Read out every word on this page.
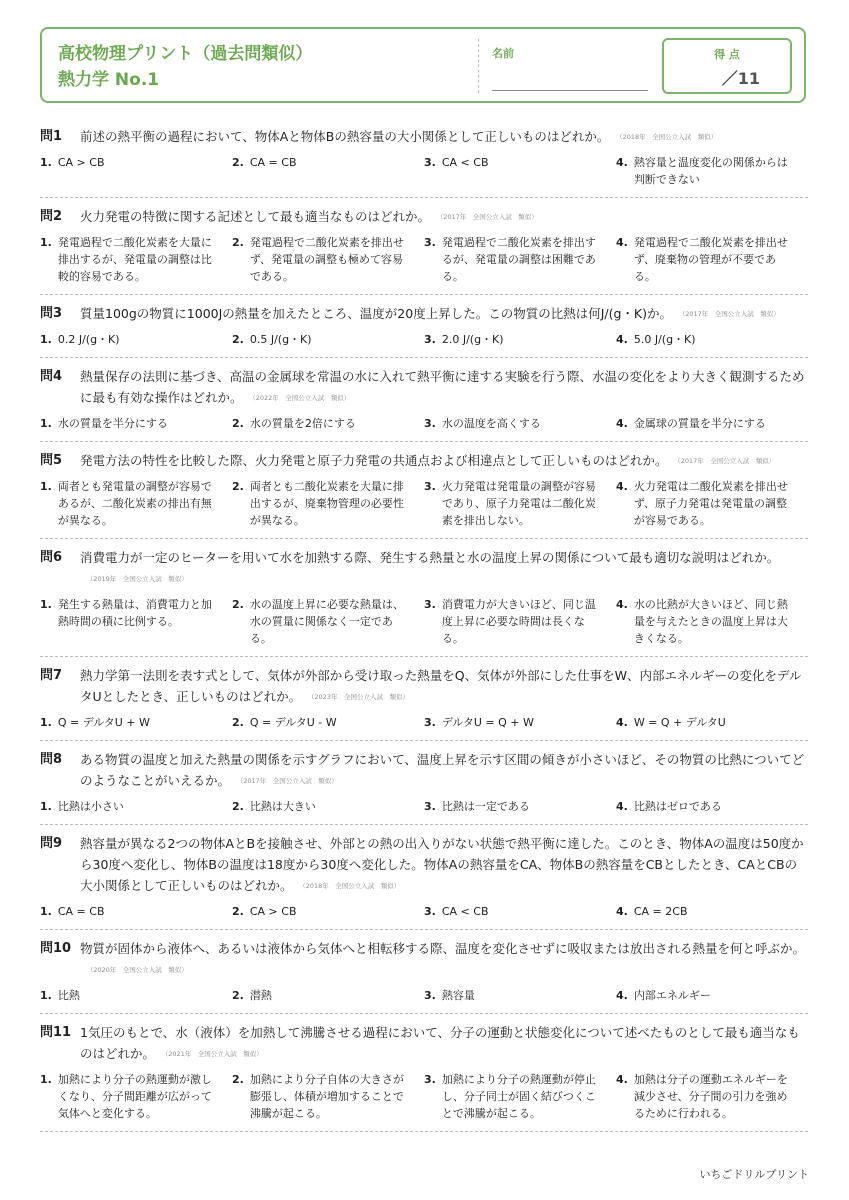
高校物理プリント（過去問類似）
熱力学 No.1
名前	得 点
／11
問1	前述の熱平衡の過程において、物体Aと物体Bの熱容量の大小関係として正しいものはどれか。 （2018年　全国公立入試　類似）
1. CA > CB	2. CA = CB	3. CA < CB	4. 熱容量と温度変化の関係からは判断できない
問2	火力発電の特徴に関する記述として最も適当なものはどれか。 （2017年　全国公立入試　類似）
1. 発電過程で二酸化炭素を大量に排出するが、発電量の調整は比較的容易である。
2. 発電過程で二酸化炭素を排出せず、発電量の調整も極めて容易である。
3. 発電過程で二酸化炭素を排出するが、発電量の調整は困難である。
4. 発電過程で二酸化炭素を排出せず、廃棄物の管理が不要である。
問3	質量100gの物質に1000Jの熱量を加えたところ、温度が20度上昇した。この物質の比熱は何J/(g・K)か。 （2017年　全国公立入試　類似）
1. 0.2 J/(g・K)	2. 0.5 J/(g・K)	3. 2.0 J/(g・K)	4. 5.0 J/(g・K)
問4	熱量保存の法則に基づき、高温の金属球を常温の水に入れて熱平衡に達する実験を行う際、水温の変化をより大きく観測するために最も有効な操作はどれか。 （2022年　全国公立入試　類似）
1. 水の質量を半分にする	2. 水の質量を2倍にする	3. 水の温度を高くする	4. 金属球の質量を半分にする
問5	発電方法の特性を比較した際、火力発電と原子力発電の共通点および相違点として正しいものはどれか。 （2017年　全国公立入試　類似）
1. 両者とも発電量の調整が容易であるが、二酸化炭素の排出有無が異なる。
2. 両者とも二酸化炭素を大量に排出するが、廃棄物管理の必要性が異なる。
3. 火力発電は発電量の調整が容易であり、原子力発電は二酸化炭素を排出しない。
4. 火力発電は二酸化炭素を排出せず、原子力発電は発電量の調整が容易である。
問6	消費電力が一定のヒーターを用いて水を加熱する際、発生する熱量と水の温度上昇の関係について最も適切な説明はどれか。（2019年　全国公立入試　類似）
1. 発生する熱量は、消費電力と加熱時間の積に比例する。
2. 水の温度上昇に必要な熱量は、水の質量に関係なく一定である。
3. 消費電力が大きいほど、同じ温度上昇に必要な時間は長くなる。
4. 水の比熱が大きいほど、同じ熱量を与えたときの温度上昇は大きくなる。
問7	熱力学第一法則を表す式として、気体が外部から受け取った熱量をQ、気体が外部にした仕事をW、内部エネルギーの変化をデルタUとしたとき、正しいものはどれか。 （2023年　全国公立入試　類似）
1. Q = デルタU + W	2. Q = デルタU - W	3. デルタU = Q + W	4. W = Q + デルタU
問8	ある物質の温度と加えた熱量の関係を示すグラフにおいて、温度上昇を示す区間の傾きが小さいほど、その物質の比熱についてどのようなことがいえるか。 （2017年　全国公立入試　類似）
1. 比熱は小さい	2. 比熱は大きい	3. 比熱は一定である	4. 比熱はゼロである
問9	熱容量が異なる2つの物体AとBを接触させ、外部との熱の出入りがない状態で熱平衡に達した。このとき、物体Aの温度は50度から30度へ変化し、物体Bの温度は18度から30度へ変化した。物体Aの熱容量をCA、物体Bの熱容量をCBとしたとき、CAとCBの大小関係として正しいものはどれか。 （2018年　全国公立入試　類似）
1. CA = CB	2. CA > CB	3. CA < CB	4. CA = 2CB
問10 物質が固体から液体へ、あるいは液体から気体へと相転移する際、温度を変化させずに吸収または放出される熱量を何と呼ぶか。（2020年　全国公立入試　類似）
1. 比熱	2. 潜熱	3. 熱容量	4. 内部エネルギー
問11 1気圧のもとで、水（液体）を加熱して沸騰させる過程において、分子の運動と状態変化について述べたものとして最も適当なものはどれか。 （2021年　全国公立入試　類似）
1. 加熱により分子の熱運動が激しくなり、分子間距離が広がって気体へと変化する。
2. 加熱により分子自体の大きさが膨張し、体積が増加することで沸騰が起こる。
3. 加熱により分子の熱運動が停止し、分子同士が固く結びつくことで沸騰が起こる。
4. 加熱は分子の運動エネルギーを減少させ、分子間の引力を強めるために行われる。
いちごドリルプリント
